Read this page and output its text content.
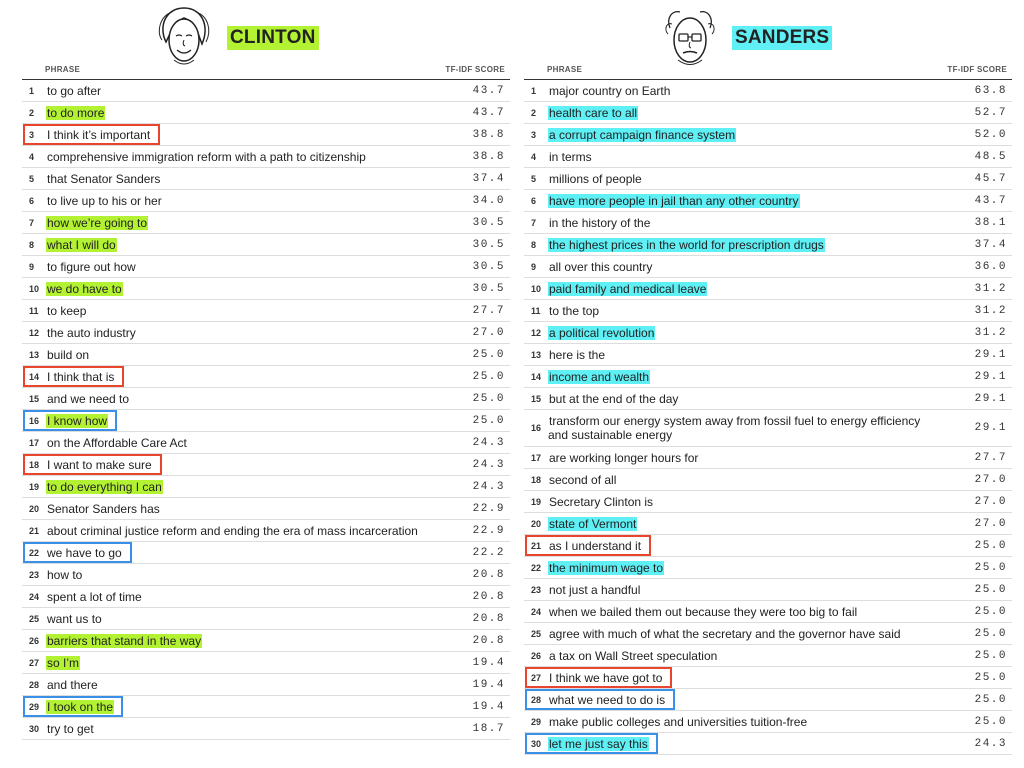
CLINTON
PHRASE	TF-IDF SCORE
1	to go after	43.7
2	to do more	43.7
3	I think it’s important	38.8
4	comprehensive immigration reform with a path to citizenship	38.8
5	that Senator Sanders	37.4
6	to live up to his or her	34.0
7	how we’re going to	30.5
8	what I will do	30.5
9	to figure out how	30.5
10 we do have to	30.5
11 to keep	27.7
12 the auto industry	27.0
13 build on	25.0
14 I think that is	25.0
15 and we need to	25.0
16 I know how	25.0
17 on the Affordable Care Act	24.3
18 I want to make sure	24.3
19 to do everything I can	24.3
20 Senator Sanders has	22.9
21 about criminal justice reform and ending the era of mass incarceration	22.9
22 we have to go	22.2
23 how to	20.8
24 spent a lot of time	20.8
25 want us to	20.8
26 barriers that stand in the way	20.8
27 so I’m	19.4
28 and there	19.4
29 I took on the	19.4
30 try to get	18.7
SANDERS
PHRASE	TF-IDF SCORE
1	major country on Earth	63.8
2	health care to all	52.7
3	a corrupt campaign finance system	52.0
4	in terms	48.5
5	millions of people	45.7
6	have more people in jail than any other country	43.7
7	in the history of the	38.1
8	the highest prices in the world for prescription drugs	37.4
9	all over this country	36.0
10 paid family and medical leave	31.2
11 to the top	31.2
12 a political revolution	31.2
13 here is the	29.1
14 income and wealth	29.1
15 but at the end of the day	29.1
16 transform our energy system away from fossil fuel to energy efficiency and sustainable energy	29.1
17 are working longer hours for	27.7
18 second of all	27.0
19 Secretary Clinton is	27.0
20 state of Vermont	27.0
21 as I understand it	25.0
22 the minimum wage to	25.0
23 not just a handful	25.0
24 when we bailed them out because they were too big to fail	25.0
25 agree with much of what the secretary and the governor have said	25.0
26 a tax on Wall Street speculation	25.0
27 I think we have got to	25.0
28 what we need to do is	25.0
29 make public colleges and universities tuition-free	25.0
30 let me just say this	24.3
